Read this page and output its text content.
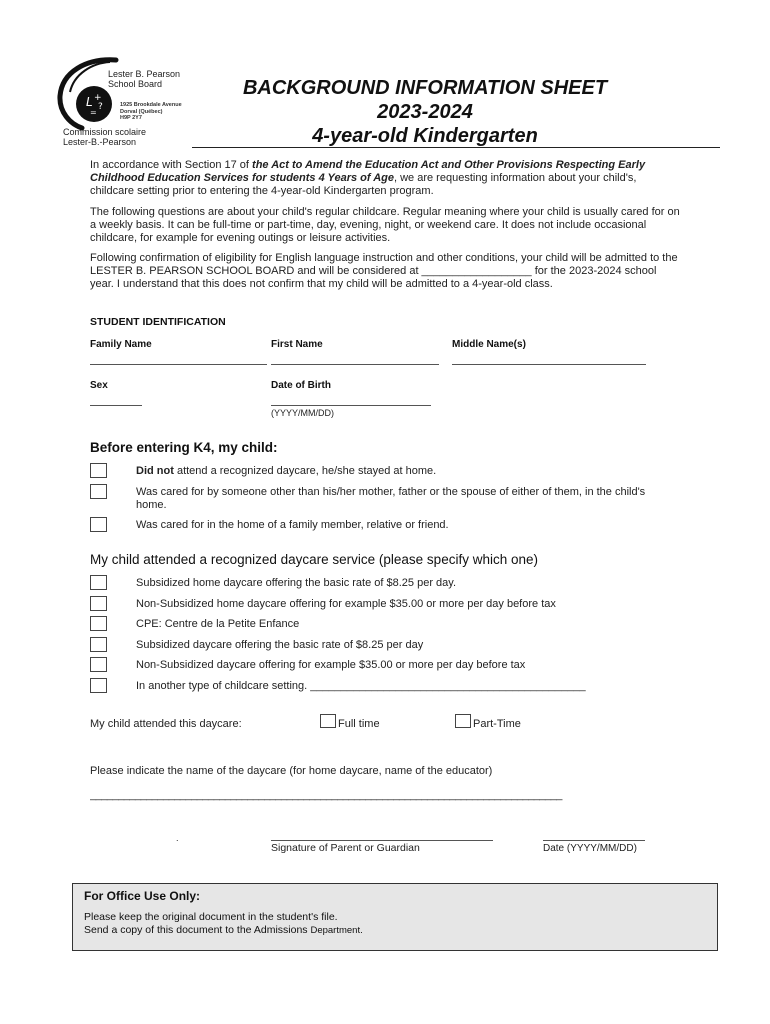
L +
=
?
Lester B. Pearson
School Board
1925 Brookdale Avenue
Dorval (Québec)
H9P 2Y7
Commission scolaire
Lester-B.-Pearson
BACKGROUND INFORMATION SHEET
2023-2024
4-year-old Kindergarten
In accordance with Section 17 of the Act to Amend the Education Act and Other Provisions Respecting Early Childhood Education Services for students 4 Years of Age, we are requesting information about your child's, childcare setting prior to entering the 4-year-old Kindergarten program.
The following questions are about your child's regular childcare. Regular meaning where your child is usually cared for on a weekly basis. It can be full-time or part-time, day, evening, night, or weekend care. It does not include occasional childcare, for example for evening outings or leisure activities.
Following confirmation of eligibility for English language instruction and other conditions, your child will be admitted to the LESTER B. PEARSON SCHOOL BOARD and will be considered at __________________ for the 2023-2024 school year. I understand that this does not confirm that my child will be admitted to a 4-year-old class.
STUDENT IDENTIFICATION
Family Name	First Name	Middle Name(s)
Sex	Date of Birth
(YYYY/MM/DD)
Before entering K4, my child:
Did not attend a recognized daycare, he/she stayed at home.
Was cared for by someone other than his/her mother, father or the spouse of either of them, in the child's home.
Was cared for in the home of a family member, relative or friend.
My child attended a recognized daycare service (please specify which one)
Subsidized home daycare offering the basic rate of $8.25 per day.
Non-Subsidized home daycare offering for example $35.00 or more per day before tax
CPE: Centre de la Petite Enfance
Subsidized daycare offering the basic rate of $8.25 per day
Non-Subsidized daycare offering for example $35.00 or more per day before tax
In another type of childcare setting. _____________________________________________
My child attended this daycare:	Full time	Part-Time
Please indicate the name of the daycare (for home daycare, name of the educator)
____________________________________________________________________________________
.
Signature of Parent or Guardian	Date (YYYY/MM/DD)
For Office Use Only:
Please keep the original document in the student's file.
Send a copy of this document to the Admissions Department.
